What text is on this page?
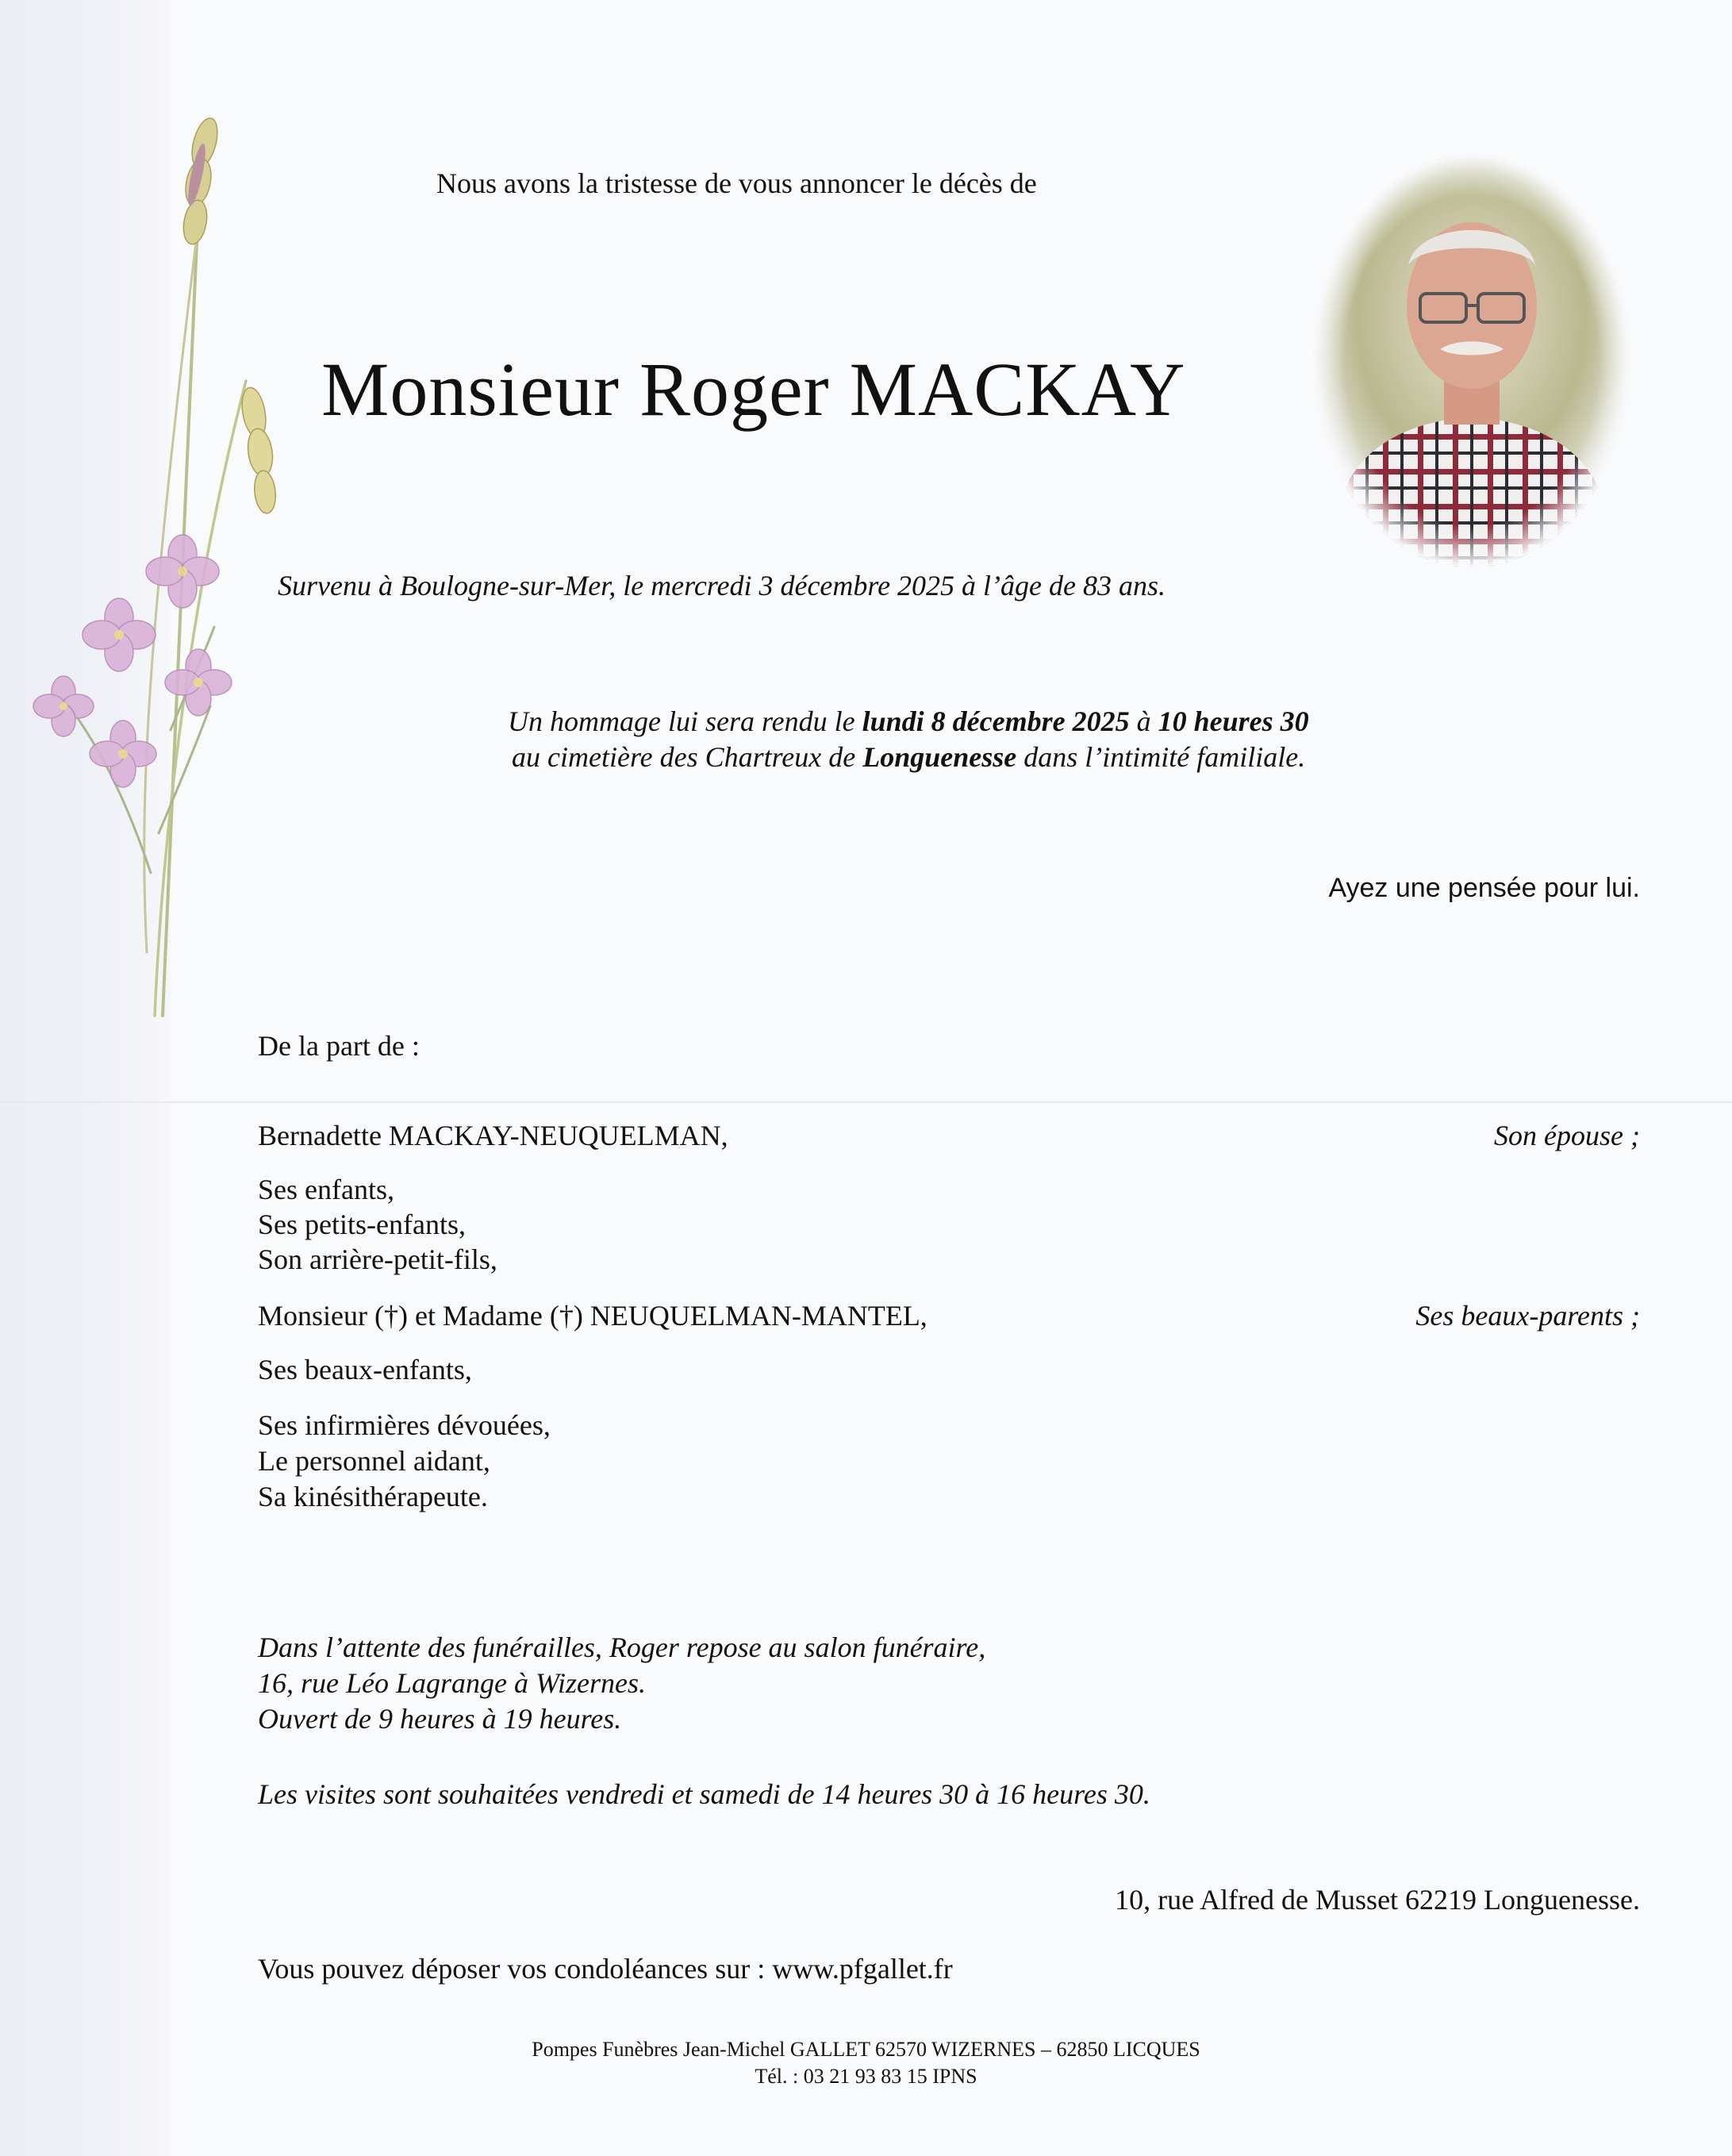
Nous avons la tristesse de vous annoncer le décès de
Monsieur Roger MACKAY
Survenu à Boulogne-sur-Mer, le mercredi 3 décembre 2025 à l’âge de 83 ans.
Un hommage lui sera rendu le lundi 8 décembre 2025 à 10 heures 30
au cimetière des Chartreux de Longuenesse dans l’intimité familiale.
Ayez une pensée pour lui.
De la part de :
Bernadette MACKAY-NEUQUELMAN,	Son épouse ;
Ses enfants,
Ses petits-enfants,
Son arrière-petit-fils,
Monsieur (†) et Madame (†) NEUQUELMAN-MANTEL,	Ses beaux-parents ;
Ses beaux-enfants,
Ses infirmières dévouées,
Le personnel aidant,
Sa kinésithérapeute.
Dans l’attente des funérailles, Roger repose au salon funéraire,
16, rue Léo Lagrange à Wizernes.
Ouvert de 9 heures à 19 heures.
Les visites sont souhaitées vendredi et samedi de 14 heures 30 à 16 heures 30.
10, rue Alfred de Musset 62219 Longuenesse.
Vous pouvez déposer vos condoléances sur : www.pfgallet.fr
Pompes Funèbres Jean-Michel GALLET 62570 WIZERNES – 62850 LICQUES
Tél. : 03 21 93 83 15 IPNS
